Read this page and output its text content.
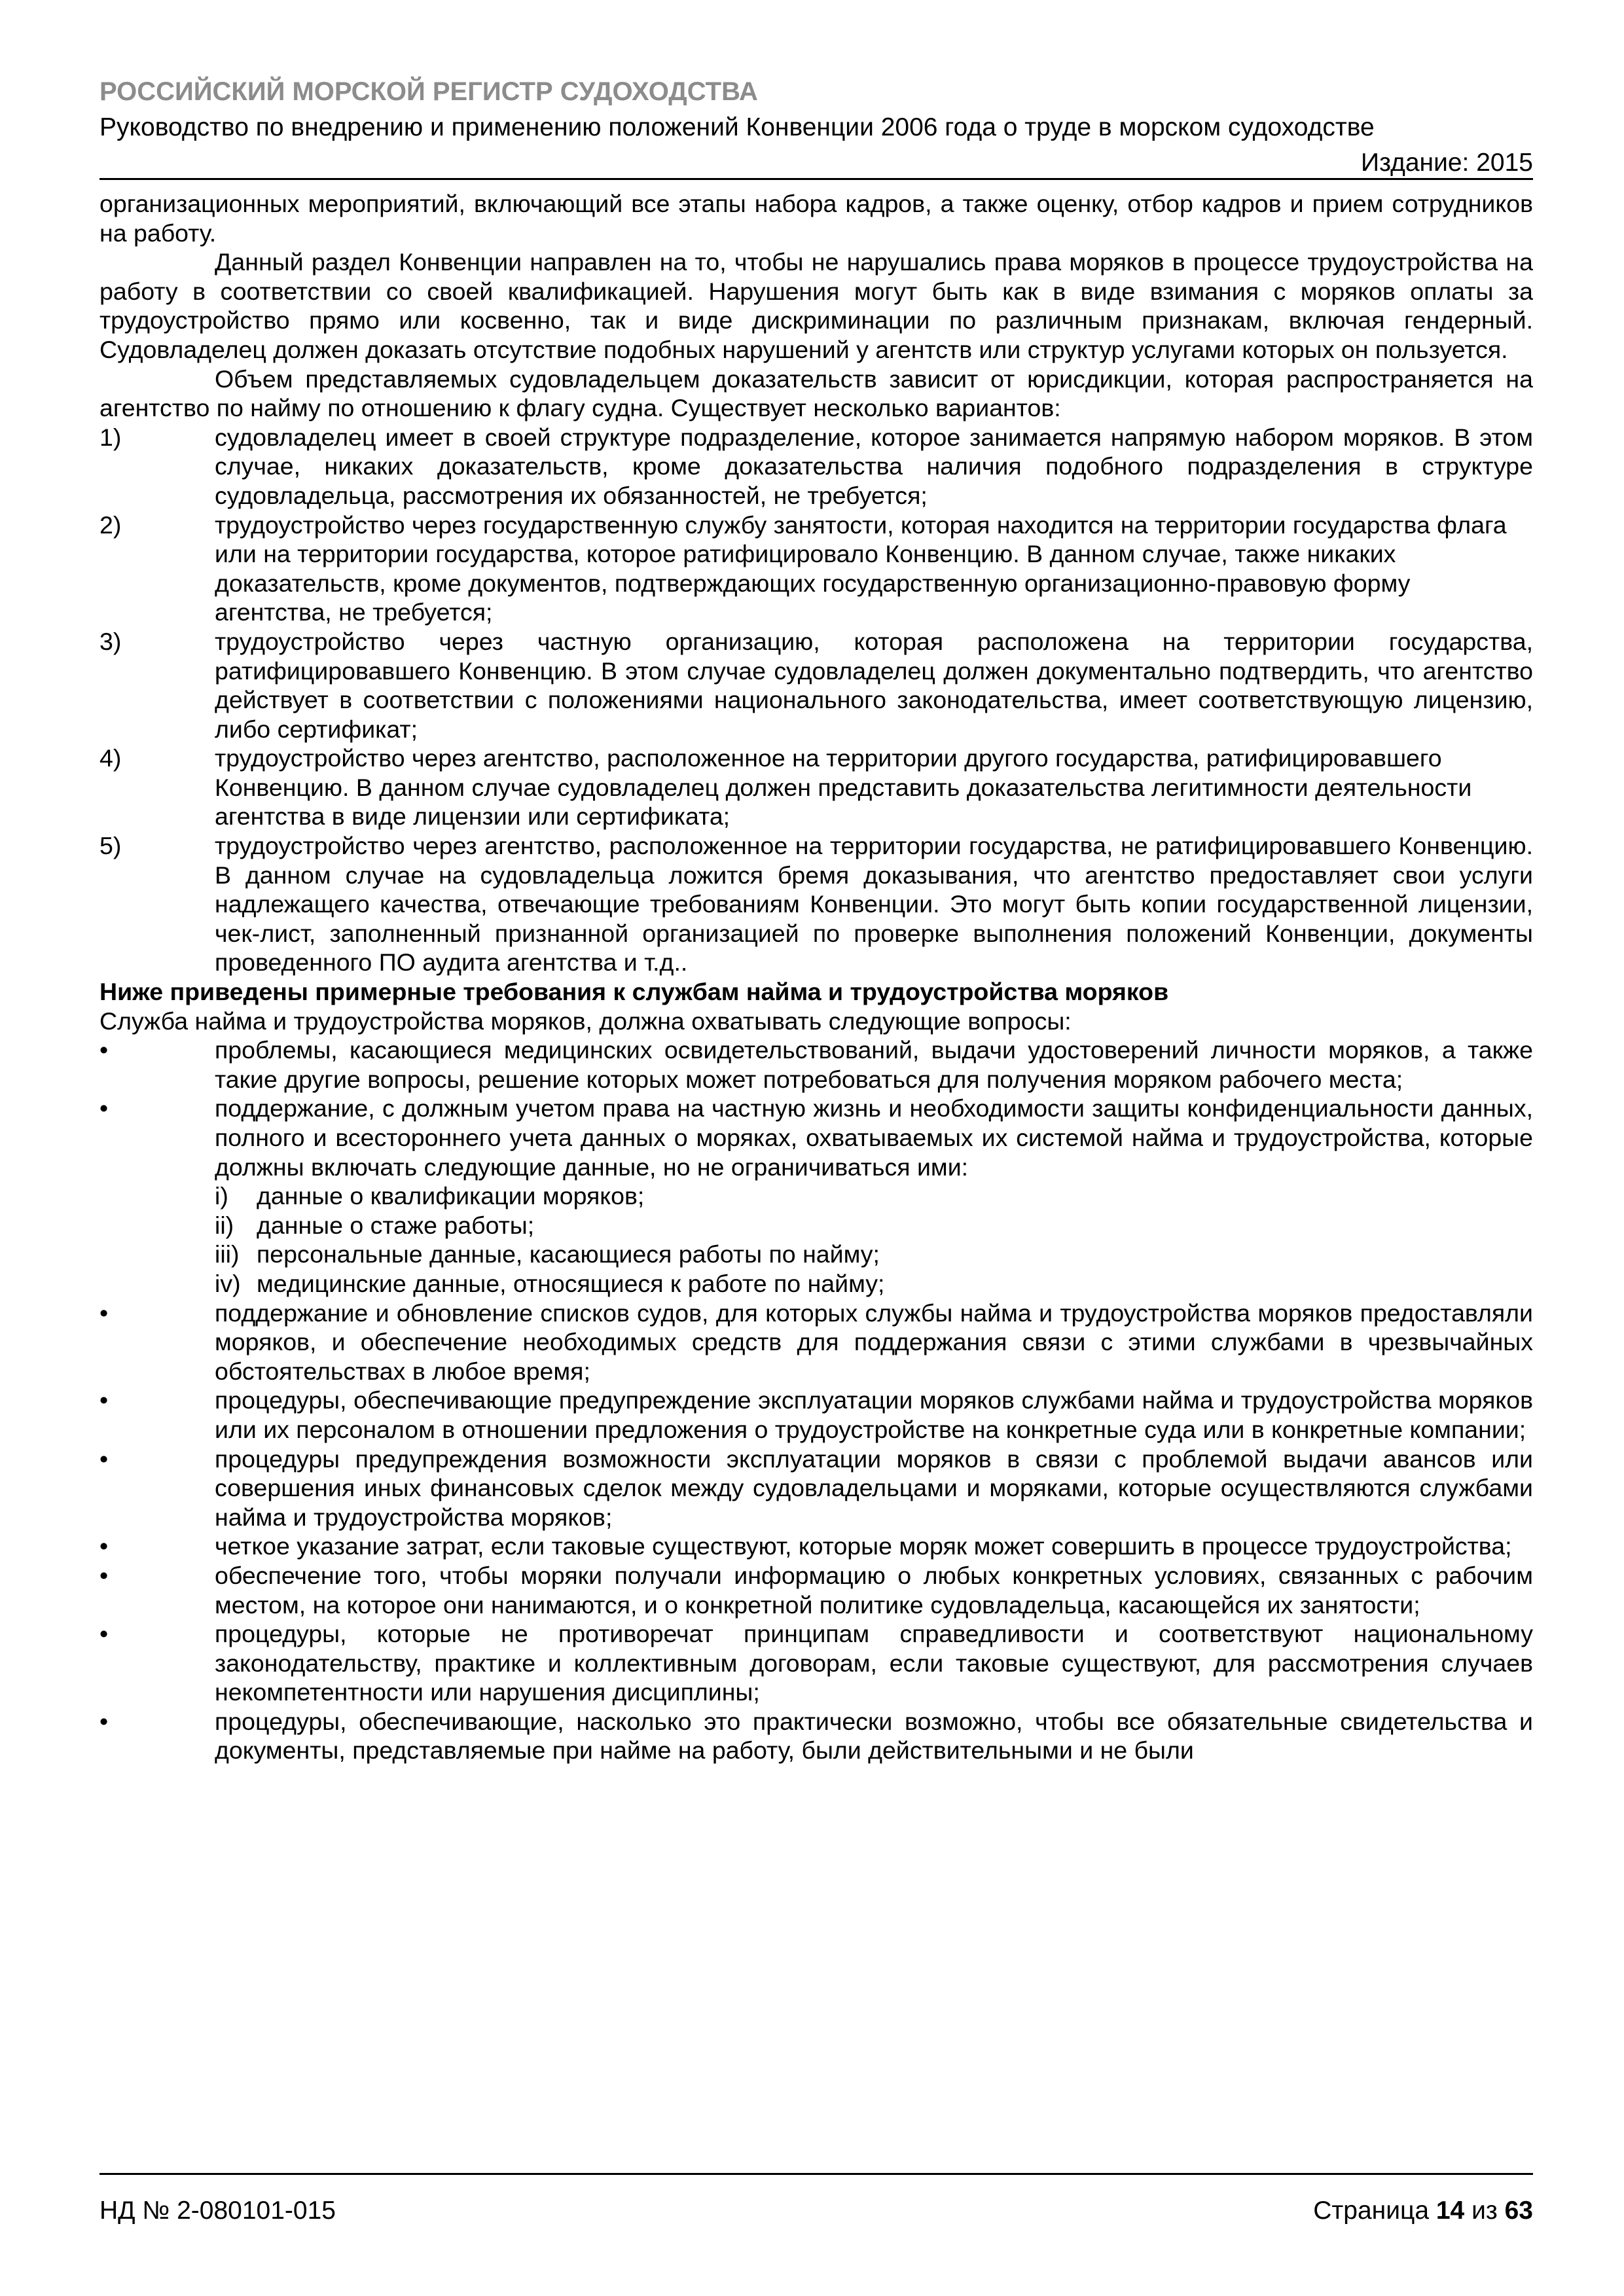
РОССИЙСКИЙ МОРСКОЙ РЕГИСТР СУДОХОДСТВА
Руководство по внедрению и применению положений Конвенции 2006 года о труде в морском судоходстве
Издание: 2015

организационных мероприятий, включающий все этапы набора кадров, а также оценку, отбор кадров и прием сотрудников на работу.

Данный раздел Конвенции направлен на то, чтобы не нарушались права моряков в процессе трудоустройства на работу в соответствии со своей квалификацией. Нарушения могут быть как в виде взимания с моряков оплаты за трудоустройство прямо или косвенно, так и виде дискриминации по различным признакам, включая гендерный. Судовладелец должен доказать отсутствие подобных нарушений у агентств или структур услугами которых он пользуется.

Объем представляемых судовладельцем доказательств зависит от юрисдикции, которая распространяется на агентство по найму по отношению к флагу судна. Существует несколько вариантов:

1)	судовладелец имеет в своей структуре подразделение, которое занимается напрямую набором моряков. В этом случае, никаких доказательств, кроме доказательства наличия подобного подразделения в структуре судовладельца, рассмотрения их обязанностей, не требуется;
2)	трудоустройство через государственную службу занятости, которая находится на территории государства флага или на территории государства, которое ратифицировало Конвенцию. В данном случае, также никаких доказательств, кроме документов, подтверждающих государственную организационно-правовую форму агентства, не требуется;
3)	трудоустройство через частную организацию, которая расположена на территории государства, ратифицировавшего Конвенцию. В этом случае судовладелец должен документально подтвердить, что агентство действует в соответствии с положениями национального законодательства, имеет соответствующую лицензию, либо сертификат;
4)	трудоустройство через агентство, расположенное на территории другого государства, ратифицировавшего Конвенцию. В данном случае судовладелец должен представить доказательства легитимности деятельности агентства в виде лицензии или сертификата;
5)	трудоустройство через агентство, расположенное на территории государства, не ратифицировавшего Конвенцию. В данном случае на судовладельца ложится бремя доказывания, что агентство предоставляет свои услуги надлежащего качества, отвечающие требованиям Конвенции. Это могут быть копии государственной лицензии, чек-лист, заполненный признанной организацией по проверке выполнения положений Конвенции, документы проведенного ПО аудита агентства и т.д..

Ниже приведены примерные требования к службам найма и трудоустройства моряков

Служба найма и трудоустройства моряков, должна охватывать следующие вопросы:

•	проблемы, касающиеся медицинских освидетельствований, выдачи удостоверений личности моряков, а также такие другие вопросы, решение которых может потребоваться для получения моряком рабочего места;
•	поддержание, с должным учетом права на частную жизнь и необходимости защиты конфиденциальности данных, полного и всестороннего учета данных о моряках, охватываемых их системой найма и трудоустройства, которые должны включать следующие данные, но не ограничиваться ими:
i)	данные о квалификации моряков;
ii) данные о стаже работы;
iii) персональные данные, касающиеся работы по найму;
iv) медицинские данные, относящиеся к работе по найму;
•	поддержание и обновление списков судов, для которых службы найма и трудоустройства моряков предоставляли моряков, и обеспечение необходимых средств для поддержания связи с этими службами в чрезвычайных обстоятельствах в любое время;
•	процедуры, обеспечивающие предупреждение эксплуатации моряков службами найма и трудоустройства моряков или их персоналом в отношении предложения о трудоустройстве на конкретные суда или в конкретные компании;
•	процедуры предупреждения возможности эксплуатации моряков в связи с проблемой выдачи авансов или совершения иных финансовых сделок между судовладельцами и моряками, которые осуществляются службами найма и трудоустройства моряков;
•	четкое указание затрат, если таковые существуют, которые моряк может совершить в процессе трудоустройства;
•	обеспечение того, чтобы моряки получали информацию о любых конкретных условиях, связанных с рабочим местом, на которое они нанимаются, и о конкретной политике судовладельца, касающейся их занятости;
•	процедуры, которые не противоречат принципам справедливости и соответствуют национальному законодательству, практике и коллективным договорам, если таковые существуют, для рассмотрения случаев некомпетентности или нарушения дисциплины;
•	процедуры, обеспечивающие, насколько это практически возможно, чтобы все обязательные свидетельства и документы, представляемые при найме на работу, были действительными и не были
НД № 2-080101-015	Страница 14 из 63
